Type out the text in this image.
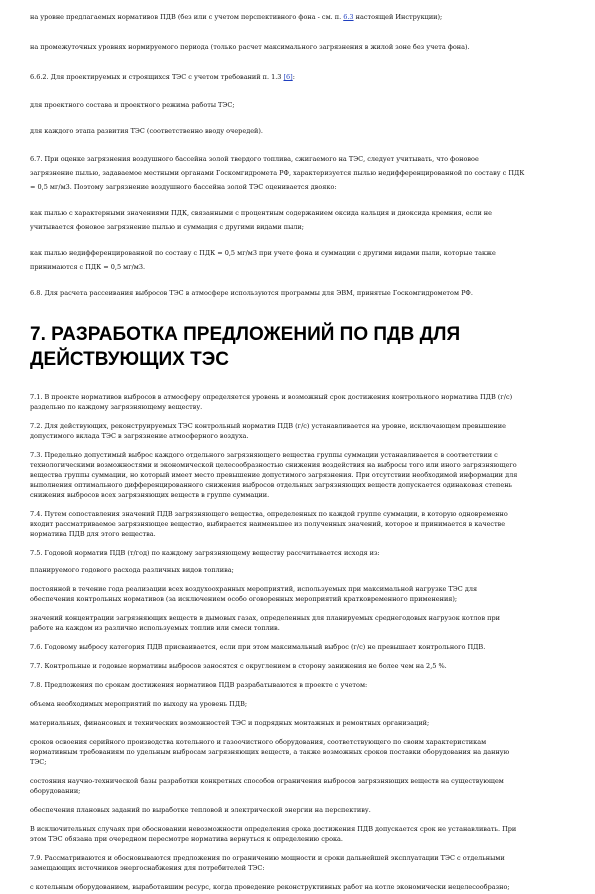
на уровне предлагаемых нормативов ПДВ (без или с учетом перспективного фона - см. п. 6.3 настоящей Инструкции);

на промежуточных уровнях нормируемого периода (только расчет максимального загрязнения в жилой зоне без учета фона).

6.6.2. Для проектируемых и строящихся ТЭС с учетом требований п. 1.3 [6]:

для проектного состава и проектного режима работы ТЭС;

для каждого этапа развития ТЭС (соответственно вводу очередей).

6.7. При оценке загрязнения воздушного бассейна золой твердого топлива, сжигаемого на ТЭС, следует учитывать, что фоновое

загрязнение пылью, задаваемое местными органами Госкомгидромета РФ, характеризуется пылью недифференцированной по составу с ПДК

= 0,5 мг/м3. Поэтому загрязнение воздушного бассейна золой ТЭС оценивается двояко:

как пылью с характерными значениями ПДК, связанными с процентным содержанием оксида кальция и диоксида кремния, если не

учитывается фоновое загрязнение пылью и суммация с другими видами пыли;

как пылью недифференцированной по составу с ПДК = 0,5 мг/м3 при учете фона и суммации с другими видами пыли, которые также

принимаются с ПДК = 0,5 мг/м3.

6.8. Для расчета рассеивания выбросов ТЭС в атмосфере используются программы для ЭВМ, принятые Госкомгидрометом РФ.

7. РАЗРАБОТКА ПРЕДЛОЖЕНИЙ ПО ПДВ ДЛЯ
ДЕЙСТВУЮЩИХ ТЭС

7.1. В проекте нормативов выбросов в атмосферу определяется уровень и возможный срок достижения контрольного норматива ПДВ (г/с)

раздельно по каждому загрязняющему веществу.

7.2. Для действующих, реконструируемых ТЭС контрольный норматив ПДВ (г/с) устанавливается на уровне, исключающем превышение

допустимого вклада ТЭС в загрязнение атмосферного воздуха.

7.3. Предельно допустимый выброс каждого отдельного загрязняющего вещества группы суммации устанавливается в соответствии с

технологическими возможностями и экономической целесообразностью снижения воздействия на выбросы того или иного загрязняющего

вещества группы суммации, но который имеет место превышение допустимого загрязнения. При отсутствии необходимой информации для

выполнения оптимального дифференцированного снижения выбросов отдельных загрязняющих веществ допускается одинаковая степень

снижения выбросов всех загрязняющих веществ в группе суммации.

7.4. Путем сопоставления значений ПДВ загрязняющего вещества, определенных по каждой группе суммации, в которую одновременно

входит рассматриваемое загрязняющее вещество, выбирается наименьшее из полученных значений, которое и принимается в качестве

норматива ПДВ для этого вещества.

7.5. Годовой норматив ПДВ (т/год) по каждому загрязняющему веществу рассчитывается исходя из:

планируемого годового расхода различных видов топлива;

постоянной в течение года реализации всех воздухоохранных мероприятий, используемых при максимальной нагрузке ТЭС для

обеспечения контрольных нормативов (за исключением особо оговоренных мероприятий кратковременного применения);

значений концентрации загрязняющих веществ в дымовых газах, определенных для планируемых среднегодовых нагрузок котлов при

работе на каждом из различно используемых топлив или смеси топлив.

7.6. Годовому выбросу категория ПДВ присваивается, если при этом максимальный выброс (г/с) не превышает контрольного ПДВ.

7.7. Контрольные и годовые нормативы выбросов заносятся с округлением в сторону занижения не более чем на 2,5 %.

7.8. Предложения по срокам достижения нормативов ПДВ разрабатываются в проекте с учетом:

объема необходимых мероприятий по выходу на уровень ПДВ;

материальных, финансовых и технических возможностей ТЭС и подрядных монтажных и ремонтных организаций;

сроков освоения серийного производства котельного и газоочистного оборудования, соответствующего по своим характеристикам

нормативным требованиям по удельным выбросам загрязняющих веществ, а также возможных сроков поставки оборудования на данную

ТЭС;

состояния научно-технической базы разработки конкретных способов ограничения выбросов загрязняющих веществ на существующем

оборудовании;

обеспечения плановых заданий по выработке тепловой и электрической энергии на перспективу.

В исключительных случаях при обосновании невозможности определения срока достижения ПДВ допускается срок не устанавливать. При

этом ТЭС обязана при очередном пересмотре норматива вернуться к определению срока.

7.9. Рассматриваются и обосновываются предложения по ограничению мощности и сроки дальнейшей эксплуатации ТЭС с отдельными

замещающих источников энергоснабжения для потребителей ТЭС:

с котельным оборудованием, выработавшим ресурс, когда проведение реконструктивных работ на котле экономически нецелесообразно;
